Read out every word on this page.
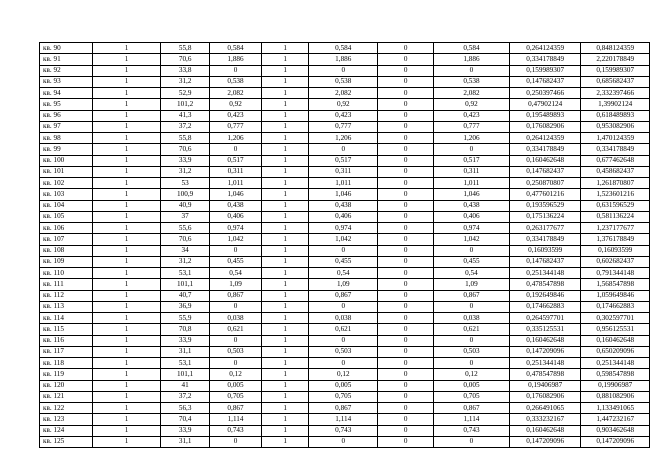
кв. 90	1	55,8	0,584	1	0,584	0	0,584	0,264124359	0,848124359
кв. 91	1	70,6	1,886	1	1,886	0	1,886	0,334178849	2,220178849
кв. 92	1	33,8	0	1	0	0	0	0,159989307	0,159989307
кв. 93	1	31,2	0,538	1	0,538	0	0,538	0,147682437	0,685682437
кв. 94	1	52,9	2,082	1	2,082	0	2,082	0,250397466	2,332397466
кв. 95	1	101,2	0,92	1	0,92	0	0,92	0,47902124	1,39902124
кв. 96	1	41,3	0,423	1	0,423	0	0,423	0,195489893	0,618489893
кв. 97	1	37,2	0,777	1	0,777	0	0,777	0,176082906	0,953082906
кв. 98	1	55,8	1,206	1	1,206	0	1,206	0,264124359	1,470124359
кв. 99	1	70,6	0	1	0	0	0	0,334178849	0,334178849
кв. 100	1	33,9	0,517	1	0,517	0	0,517	0,160462648	0,677462648
кв. 101	1	31,2	0,311	1	0,311	0	0,311	0,147682437	0,458682437
кв. 102	1	53	1,011	1	1,011	0	1,011	0,250870807	1,261870807
кв. 103	1	100,9	1,046	1	1,046	0	1,046	0,477601216	1,523601216
кв. 104	1	40,9	0,438	1	0,438	0	0,438	0,193596529	0,631596529
кв. 105	1	37	0,406	1	0,406	0	0,406	0,175136224	0,581136224
кв. 106	1	55,6	0,974	1	0,974	0	0,974	0,263177677	1,237177677
кв. 107	1	70,6	1,042	1	1,042	0	1,042	0,334178849	1,376178849
кв. 108	1	34	0	1	0	0	0	0,16093599	0,16093599
кв. 109	1	31,2	0,455	1	0,455	0	0,455	0,147682437	0,602682437
кв. 110	1	53,1	0,54	1	0,54	0	0,54	0,251344148	0,791344148
кв. 111	1	101,1	1,09	1	1,09	0	1,09	0,478547898	1,568547898
кв. 112	1	40,7	0,867	1	0,867	0	0,867	0,192649846	1,059649846
кв. 113	1	36,9	0	1	0	0	0	0,174662883	0,174662883
кв. 114	1	55,9	0,038	1	0,038	0	0,038	0,264597701	0,302597701
кв. 115	1	70,8	0,621	1	0,621	0	0,621	0,335125531	0,956125531
кв. 116	1	33,9	0	1	0	0	0	0,160462648	0,160462648
кв. 117	1	31,1	0,503	1	0,503	0	0,503	0,147209096	0,650209096
кв. 118	1	53,1	0	1	0	0	0	0,251344148	0,251344148
кв. 119	1	101,1	0,12	1	0,12	0	0,12	0,478547898	0,598547898
кв. 120	1	41	0,005	1	0,005	0	0,005	0,19406987	0,19906987
кв. 121	1	37,2	0,705	1	0,705	0	0,705	0,176082906	0,881082906
кв. 122	1	56,3	0,867	1	0,867	0	0,867	0,266491065	1,133491065
кв. 123	1	70,4	1,114	1	1,114	0	1,114	0,333232167	1,447232167
кв. 124	1	33,9	0,743	1	0,743	0	0,743	0,160462648	0,903462648
кв. 125	1	31,1	0	1	0	0	0	0,147209096	0,147209096
